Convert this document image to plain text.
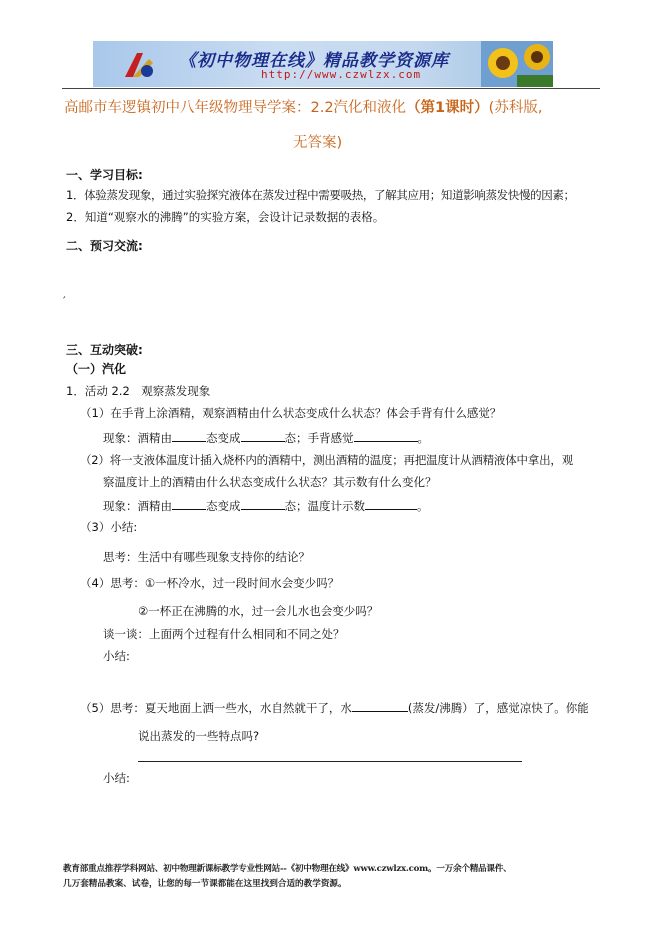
《初中物理在线》精品教学资源库
http://www.czwlzx.com
高邮市车逻镇初中八年级物理导学案：2.2汽化和液化（第1课时）(苏科版,
无答案)
一、学习目标:
1．体验蒸发现象，通过实验探究液体在蒸发过程中需要吸热，了解其应用；知道影响蒸发快慢的因素；
2．知道“观察水的沸腾”的实验方案，会设计记录数据的表格。
二、预习交流:
′
三、互动突破:
（一）汽化
1．活动 2.2　观察蒸发现象
（1）在手背上涂酒精，观察酒精由什么状态变成什么状态？体会手背有什么感觉？
现象：酒精由	态变成	态；手背感觉	。
（2）将一支液体温度计插入烧杯内的酒精中，测出酒精的温度；再把温度计从酒精液体中拿出，观
察温度计上的酒精由什么状态变成什么状态？其示数有什么变化？
现象：酒精由	态变成	态；温度计示数	。
（3）小结:
思考：生活中有哪些现象支持你的结论？
（4）思考：①一杯冷水，过一段时间水会变少吗？
②一杯正在沸腾的水，过一会儿水也会变少吗？
谈一谈：上面两个过程有什么相同和不同之处？
小结:
（5）思考：夏天地面上洒一些水，水自然就干了，水	(蒸发/沸腾）了，感觉凉快了。你能
说出蒸发的一些特点吗?
小结:
教育部重点推荐学科网站、初中物理新课标教学专业性网站--《初中物理在线》www.czwlzx.com。一万余个精品课件、
几万套精品教案、试卷，让您的每一节课都能在这里找到合适的教学资源。
